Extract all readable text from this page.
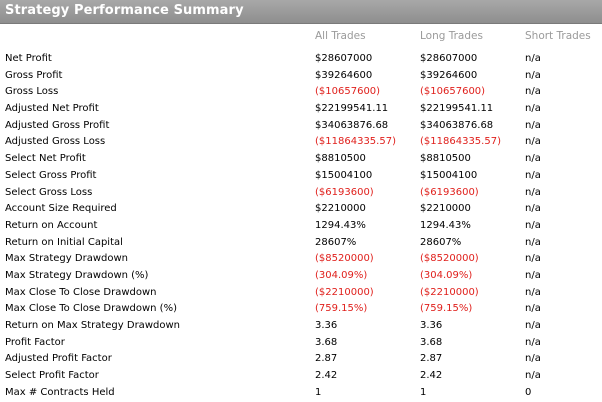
Strategy Performance Summary
All Trades	Long Trades	Short Trades
Net Profit	$28607000	$28607000	n/a
Gross Profit	$39264600	$39264600	n/a
Gross Loss	($10657600)	($10657600)	n/a
Adjusted Net Profit	$22199541.11	$22199541.11	n/a
Adjusted Gross Profit	$34063876.68	$34063876.68	n/a
Adjusted Gross Loss	($11864335.57) ($11864335.57) n/a
Select Net Profit	$8810500	$8810500	n/a
Select Gross Profit	$15004100	$15004100	n/a
Select Gross Loss	($6193600)	($6193600)	n/a
Account Size Required	$2210000	$2210000	n/a
Return on Account	1294.43%	1294.43%	n/a
Return on Initial Capital	28607%	28607%	n/a
Max Strategy Drawdown	($8520000)	($8520000)	n/a
Max Strategy Drawdown (%)	(304.09%)	(304.09%)	n/a
Max Close To Close Drawdown	($2210000)	($2210000)	n/a
Max Close To Close Drawdown (%)	(759.15%)	(759.15%)	n/a
Return on Max Strategy Drawdown	3.36	3.36	n/a
Profit Factor	3.68	3.68	n/a
Adjusted Profit Factor	2.87	2.87	n/a
Select Profit Factor	2.42	2.42	n/a
Max # Contracts Held	1	1	0
